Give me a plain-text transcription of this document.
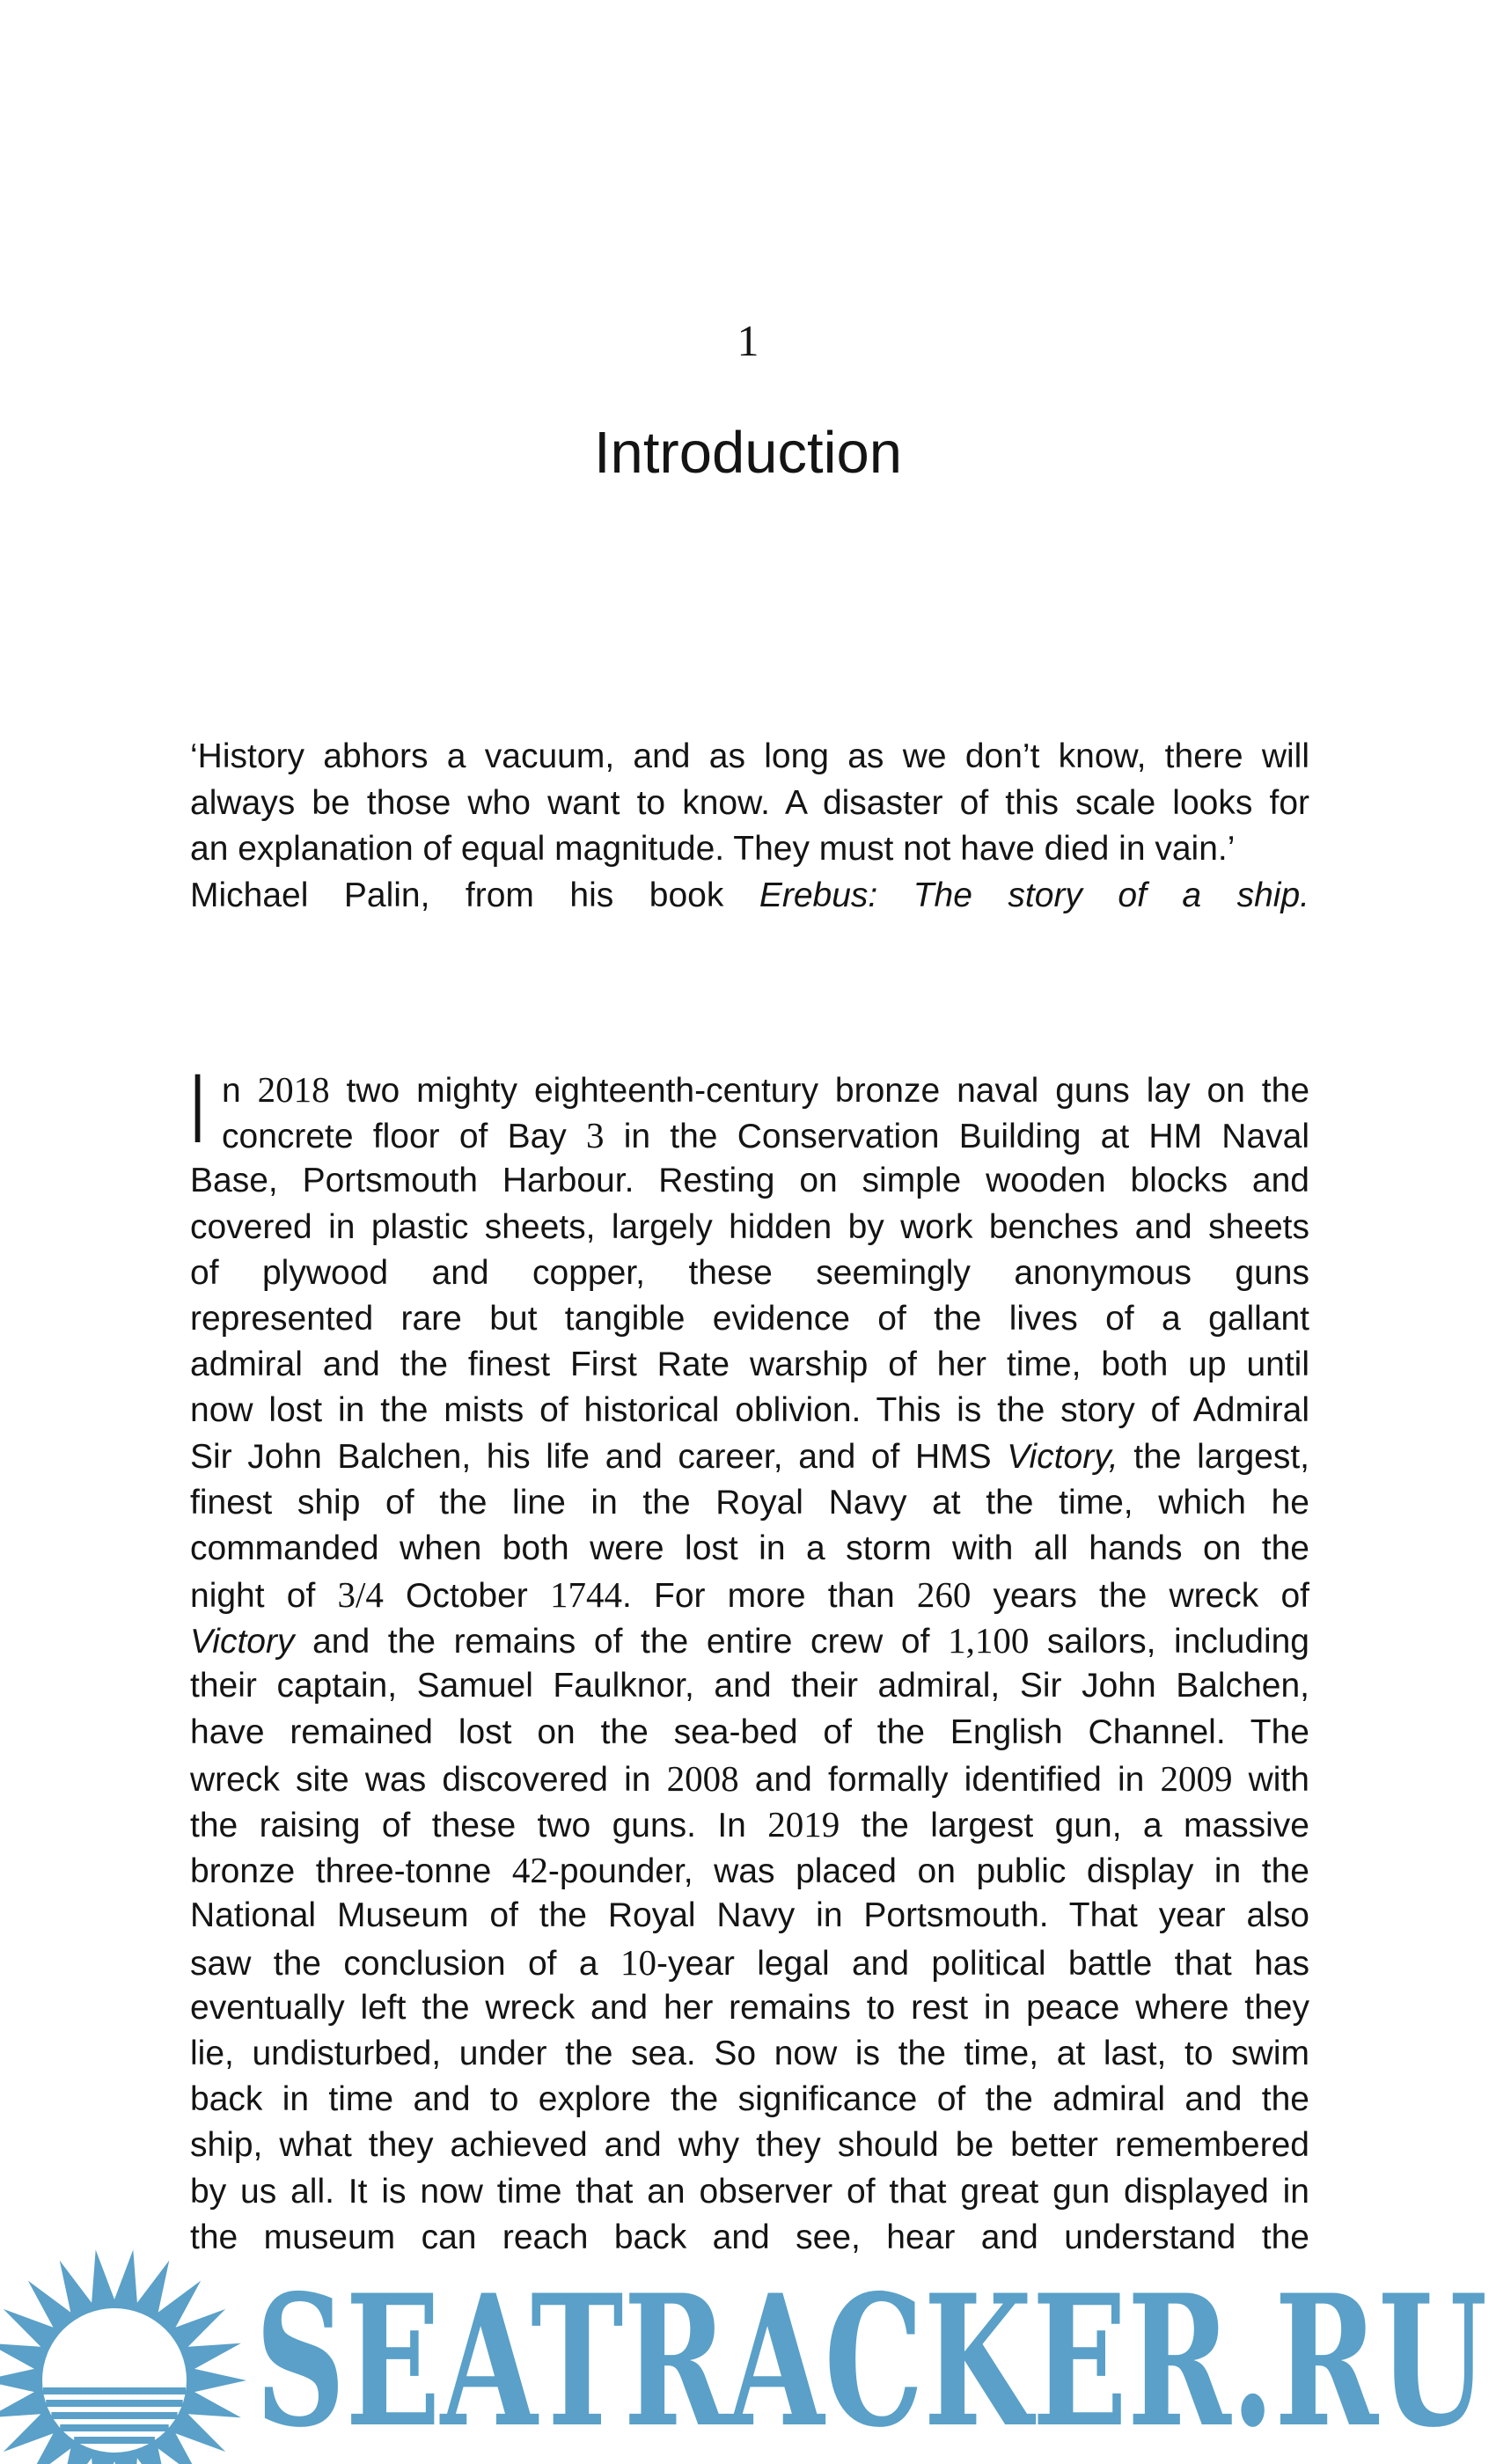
1
Introduction

‘History abhors a vacuum, and as long as we don’t know, there will

always be those who want to know. A disaster of this scale looks for

an explanation of equal magnitude. They must not have died in vain.’

Michael Palin, from his book Erebus: The story of a ship.

I n 2018 two mighty eighteenth-century bronze naval guns lay on the
concrete floor of Bay 3 in the Conservation Building at HM Naval
Base, Portsmouth Harbour. Resting on simple wooden blocks and
covered in plastic sheets, largely hidden by work benches and sheets
of plywood and copper, these seemingly anonymous guns
represented rare but tangible evidence of the lives of a gallant
admiral and the finest First Rate warship of her time, both up until
now lost in the mists of historical oblivion. This is the story of Admiral
Sir John Balchen, his life and career, and of HMS Victory, the largest,
finest ship of the line in the Royal Navy at the time, which he
commanded when both were lost in a storm with all hands on the
night of 3/4 October 1744. For more than 260 years the wreck of
Victory and the remains of the entire crew of 1,100 sailors, including
their captain, Samuel Faulknor, and their admiral, Sir John Balchen,
have remained lost on the sea-bed of the English Channel. The
wreck site was discovered in 2008 and formally identified in 2009 with
the raising of these two guns. In 2019 the largest gun, a massive
bronze three-tonne 42-pounder, was placed on public display in the
National Museum of the Royal Navy in Portsmouth. That year also
saw the conclusion of a 10-year legal and political battle that has
eventually left the wreck and her remains to rest in peace where they
lie, undisturbed, under the sea. So now is the time, at last, to swim
back in time and to explore the significance of the admiral and the
ship, what they achieved and why they should be better remembered
by us all. It is now time that an observer of that great gun displayed in
the museum can reach back and see, hear and understand the
SEATRACKER.RU
